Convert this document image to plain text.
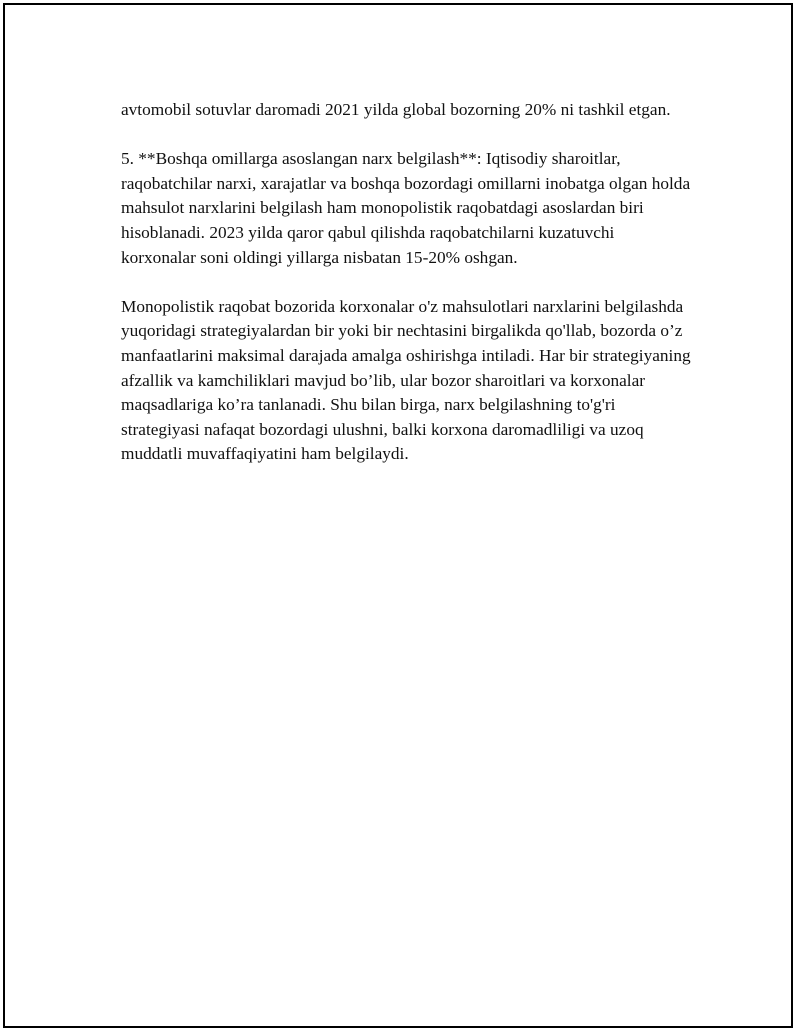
avtomobil sotuvlar daromadi 2021 yilda global bozorning 20% ni tashkil etgan.

5. **Boshqa omillarga asoslangan narx belgilash**: Iqtisodiy sharoitlar, raqobatchilar narxi, xarajatlar va boshqa bozordagi omillarni inobatga olgan holda mahsulot narxlarini belgilash ham monopolistik raqobatdagi asoslardan biri hisoblanadi. 2023 yilda qaror qabul qilishda raqobatchilarni kuzatuvchi korxonalar soni oldingi yillarga nisbatan 15-20% oshgan.

Monopolistik raqobat bozorida korxonalar o'z mahsulotlari narxlarini belgilashda yuqoridagi strategiyalardan bir yoki bir nechtasini birgalikda qo'llab, bozorda o’z manfaatlarini maksimal darajada amalga oshirishga intiladi. Har bir strategiyaning afzallik va kamchiliklari mavjud bo’lib, ular bozor sharoitlari va korxonalar maqsadlariga ko’ra tanlanadi. Shu bilan birga, narx belgilashning to'g'ri strategiyasi nafaqat bozordagi ulushni, balki korxona daromadliligi va uzoq muddatli muvaffaqiyatini ham belgilaydi.
